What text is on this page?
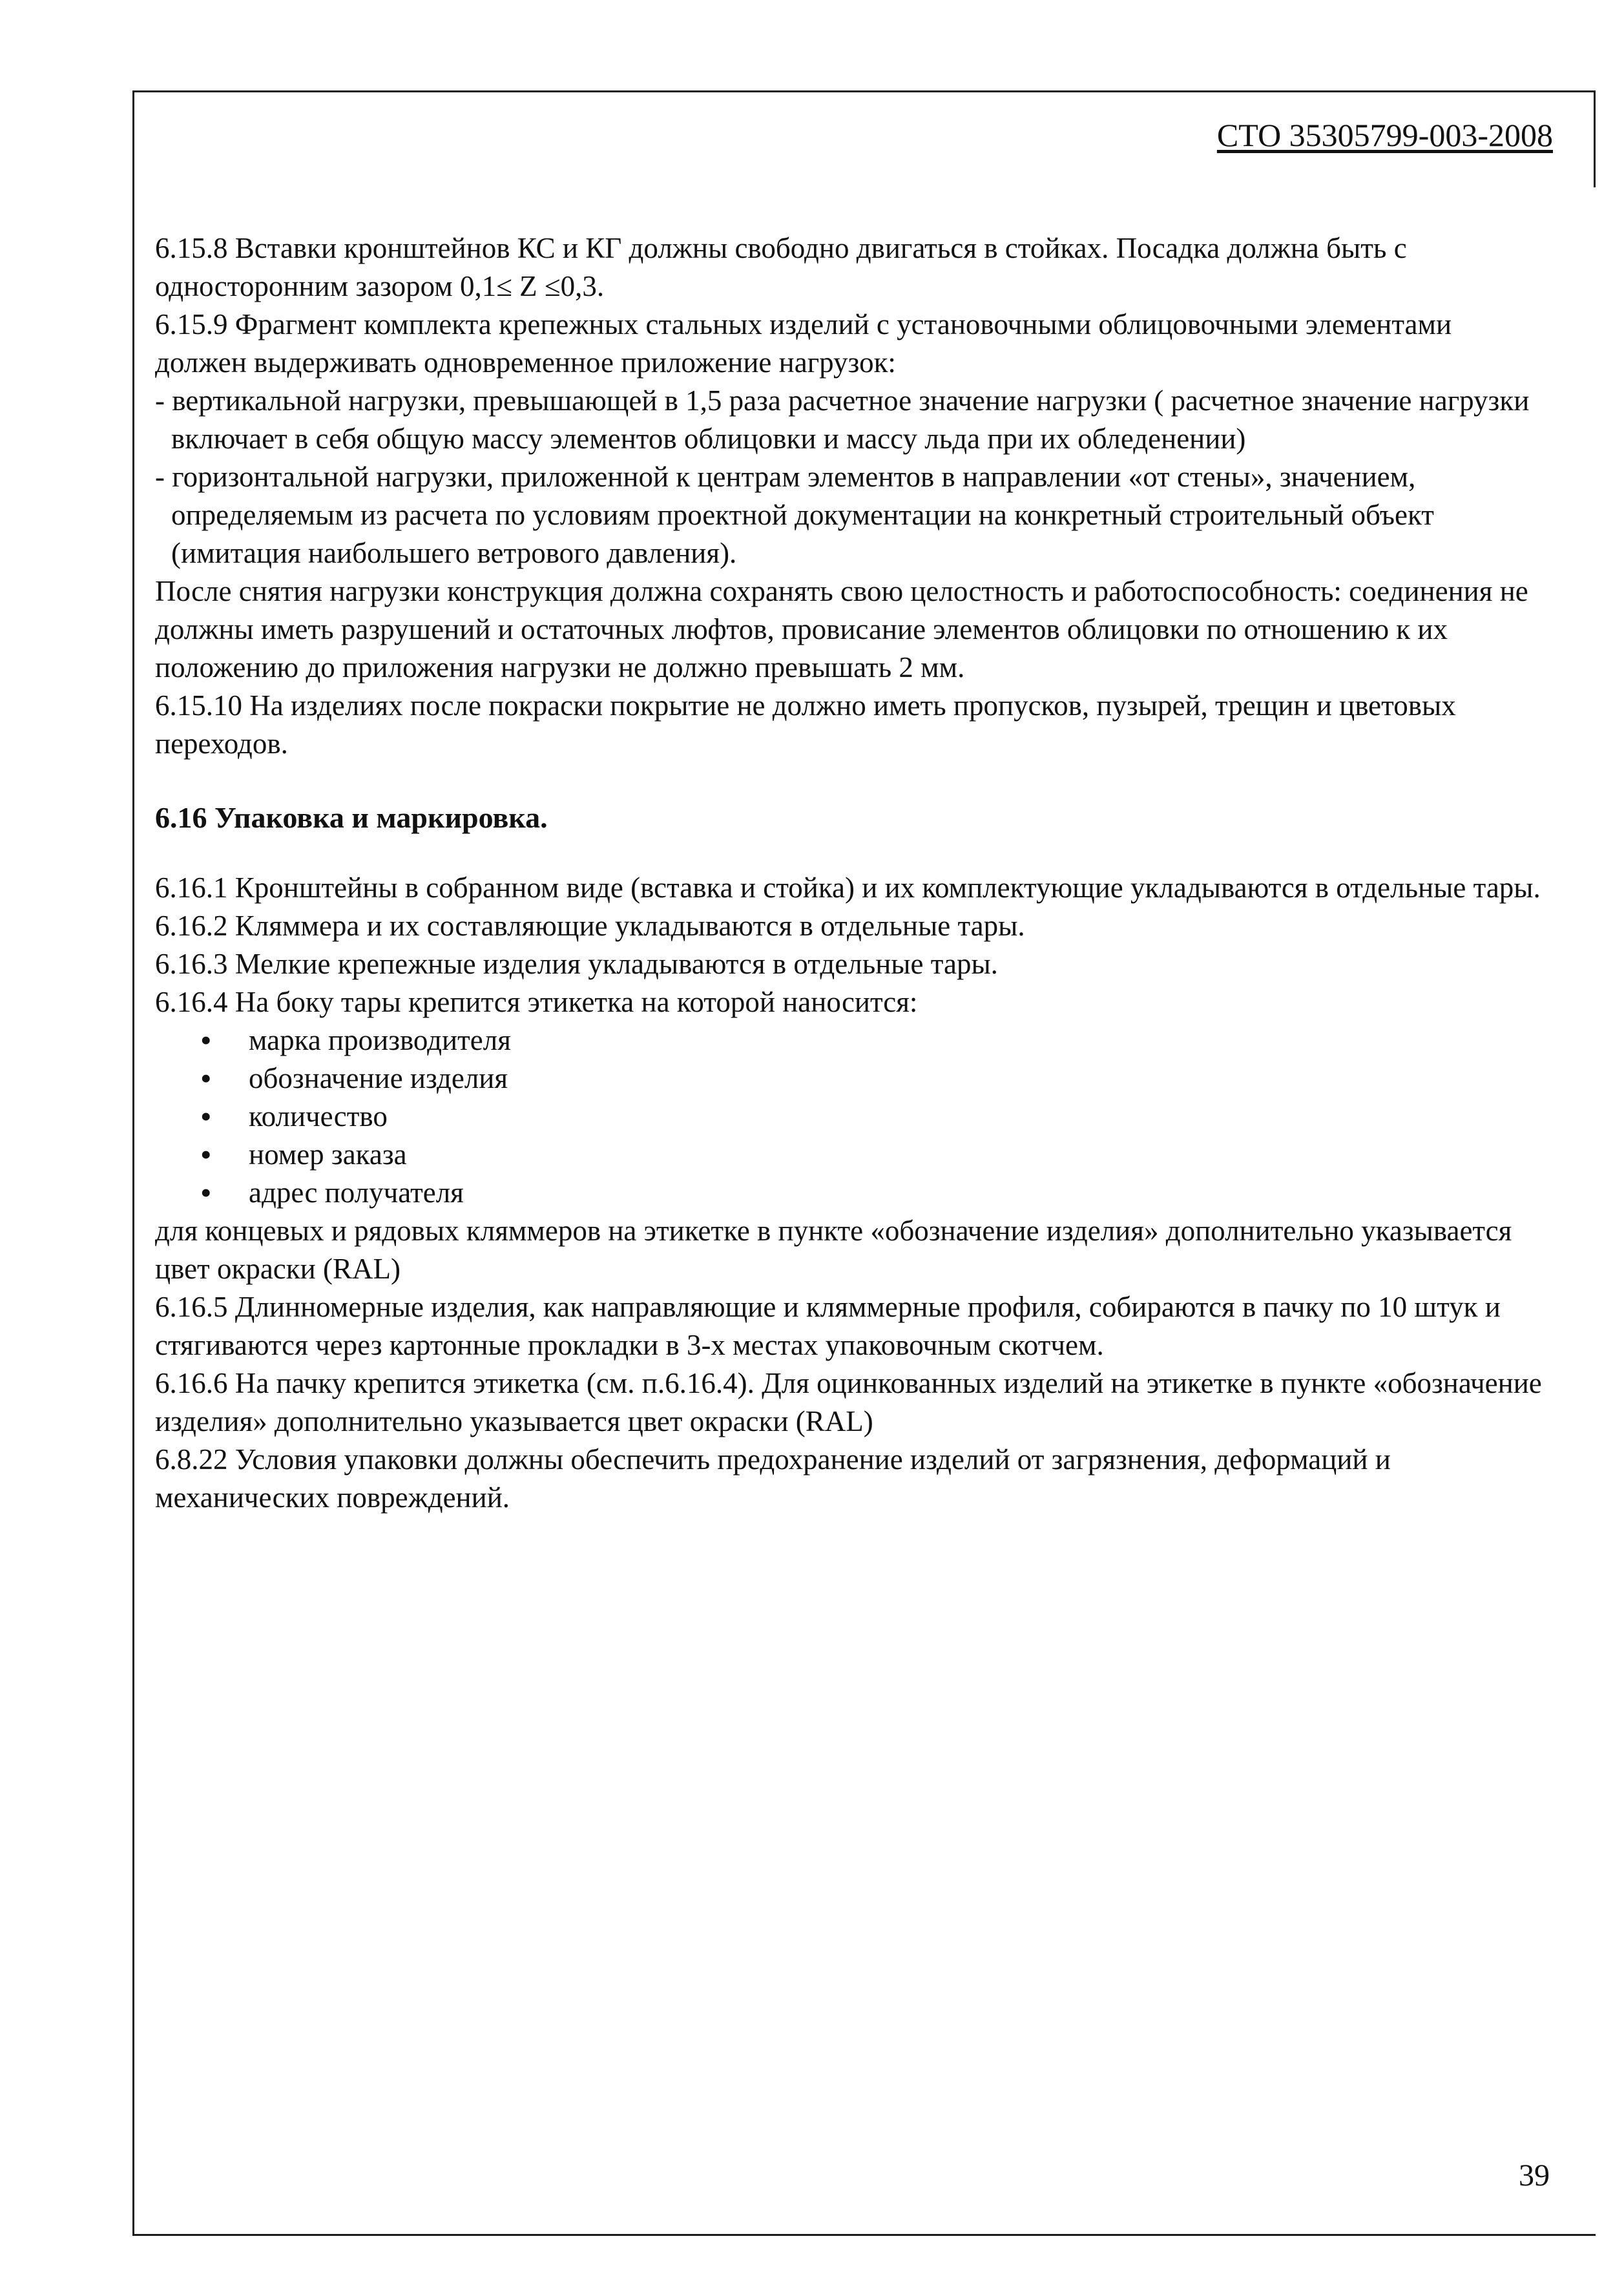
СТО 35305799-003-2008

6.15.8 Вставки кронштейнов КС и КГ должны свободно двигаться в стойках. Посадка должна быть с односторонним зазором 0,1≤ Z ≤0,3.

6.15.9 Фрагмент комплекта крепежных стальных изделий с установочными облицовочными элементами должен выдерживать одновременное приложение нагрузок:

- вертикальной нагрузки, превышающей в 1,5 раза расчетное значение нагрузки ( расчетное значение нагрузки включает в себя общую массу элементов облицовки и массу льда при их обледенении)

- горизонтальной нагрузки, приложенной к центрам элементов в направлении «от стены», значением, определяемым из расчета по условиям проектной документации на конкретный строительный объект (имитация наибольшего ветрового давления).

После снятия нагрузки конструкция должна сохранять свою целостность и работоспособность: соединения не должны иметь разрушений и остаточных люфтов, провисание элементов облицовки по отношению к их положению до приложения нагрузки не должно превышать 2 мм.

6.15.10 На изделиях после покраски покрытие не должно иметь пропусков, пузырей, трещин и цветовых переходов.

6.16 Упаковка и маркировка.

6.16.1 Кронштейны в собранном виде (вставка и стойка) и их комплектующие укладываются в отдельные тары.

6.16.2 Кляммера и их составляющие укладываются в отдельные тары.

6.16.3 Мелкие крепежные изделия укладываются в отдельные тары.

6.16.4 На боку тары крепится этикетка на которой наносится:

• марка производителя
• обозначение изделия
• количество
• номер заказа
• адрес получателя

для концевых и рядовых кляммеров на этикетке в пункте «обозначение изделия» дополнительно указывается цвет окраски (RAL)

6.16.5 Длинномерные изделия, как направляющие и кляммерные профиля, собираются в пачку по 10 штук и стягиваются через картонные прокладки в 3-х местах упаковочным скотчем.

6.16.6 На пачку крепится этикетка (см. п.6.16.4). Для оцинкованных изделий на этикетке в пункте «обозначение изделия» дополнительно указывается цвет окраски (RAL)

6.8.22 Условия упаковки должны обеспечить предохранение изделий от загрязнения, деформаций и механических повреждений.

39
